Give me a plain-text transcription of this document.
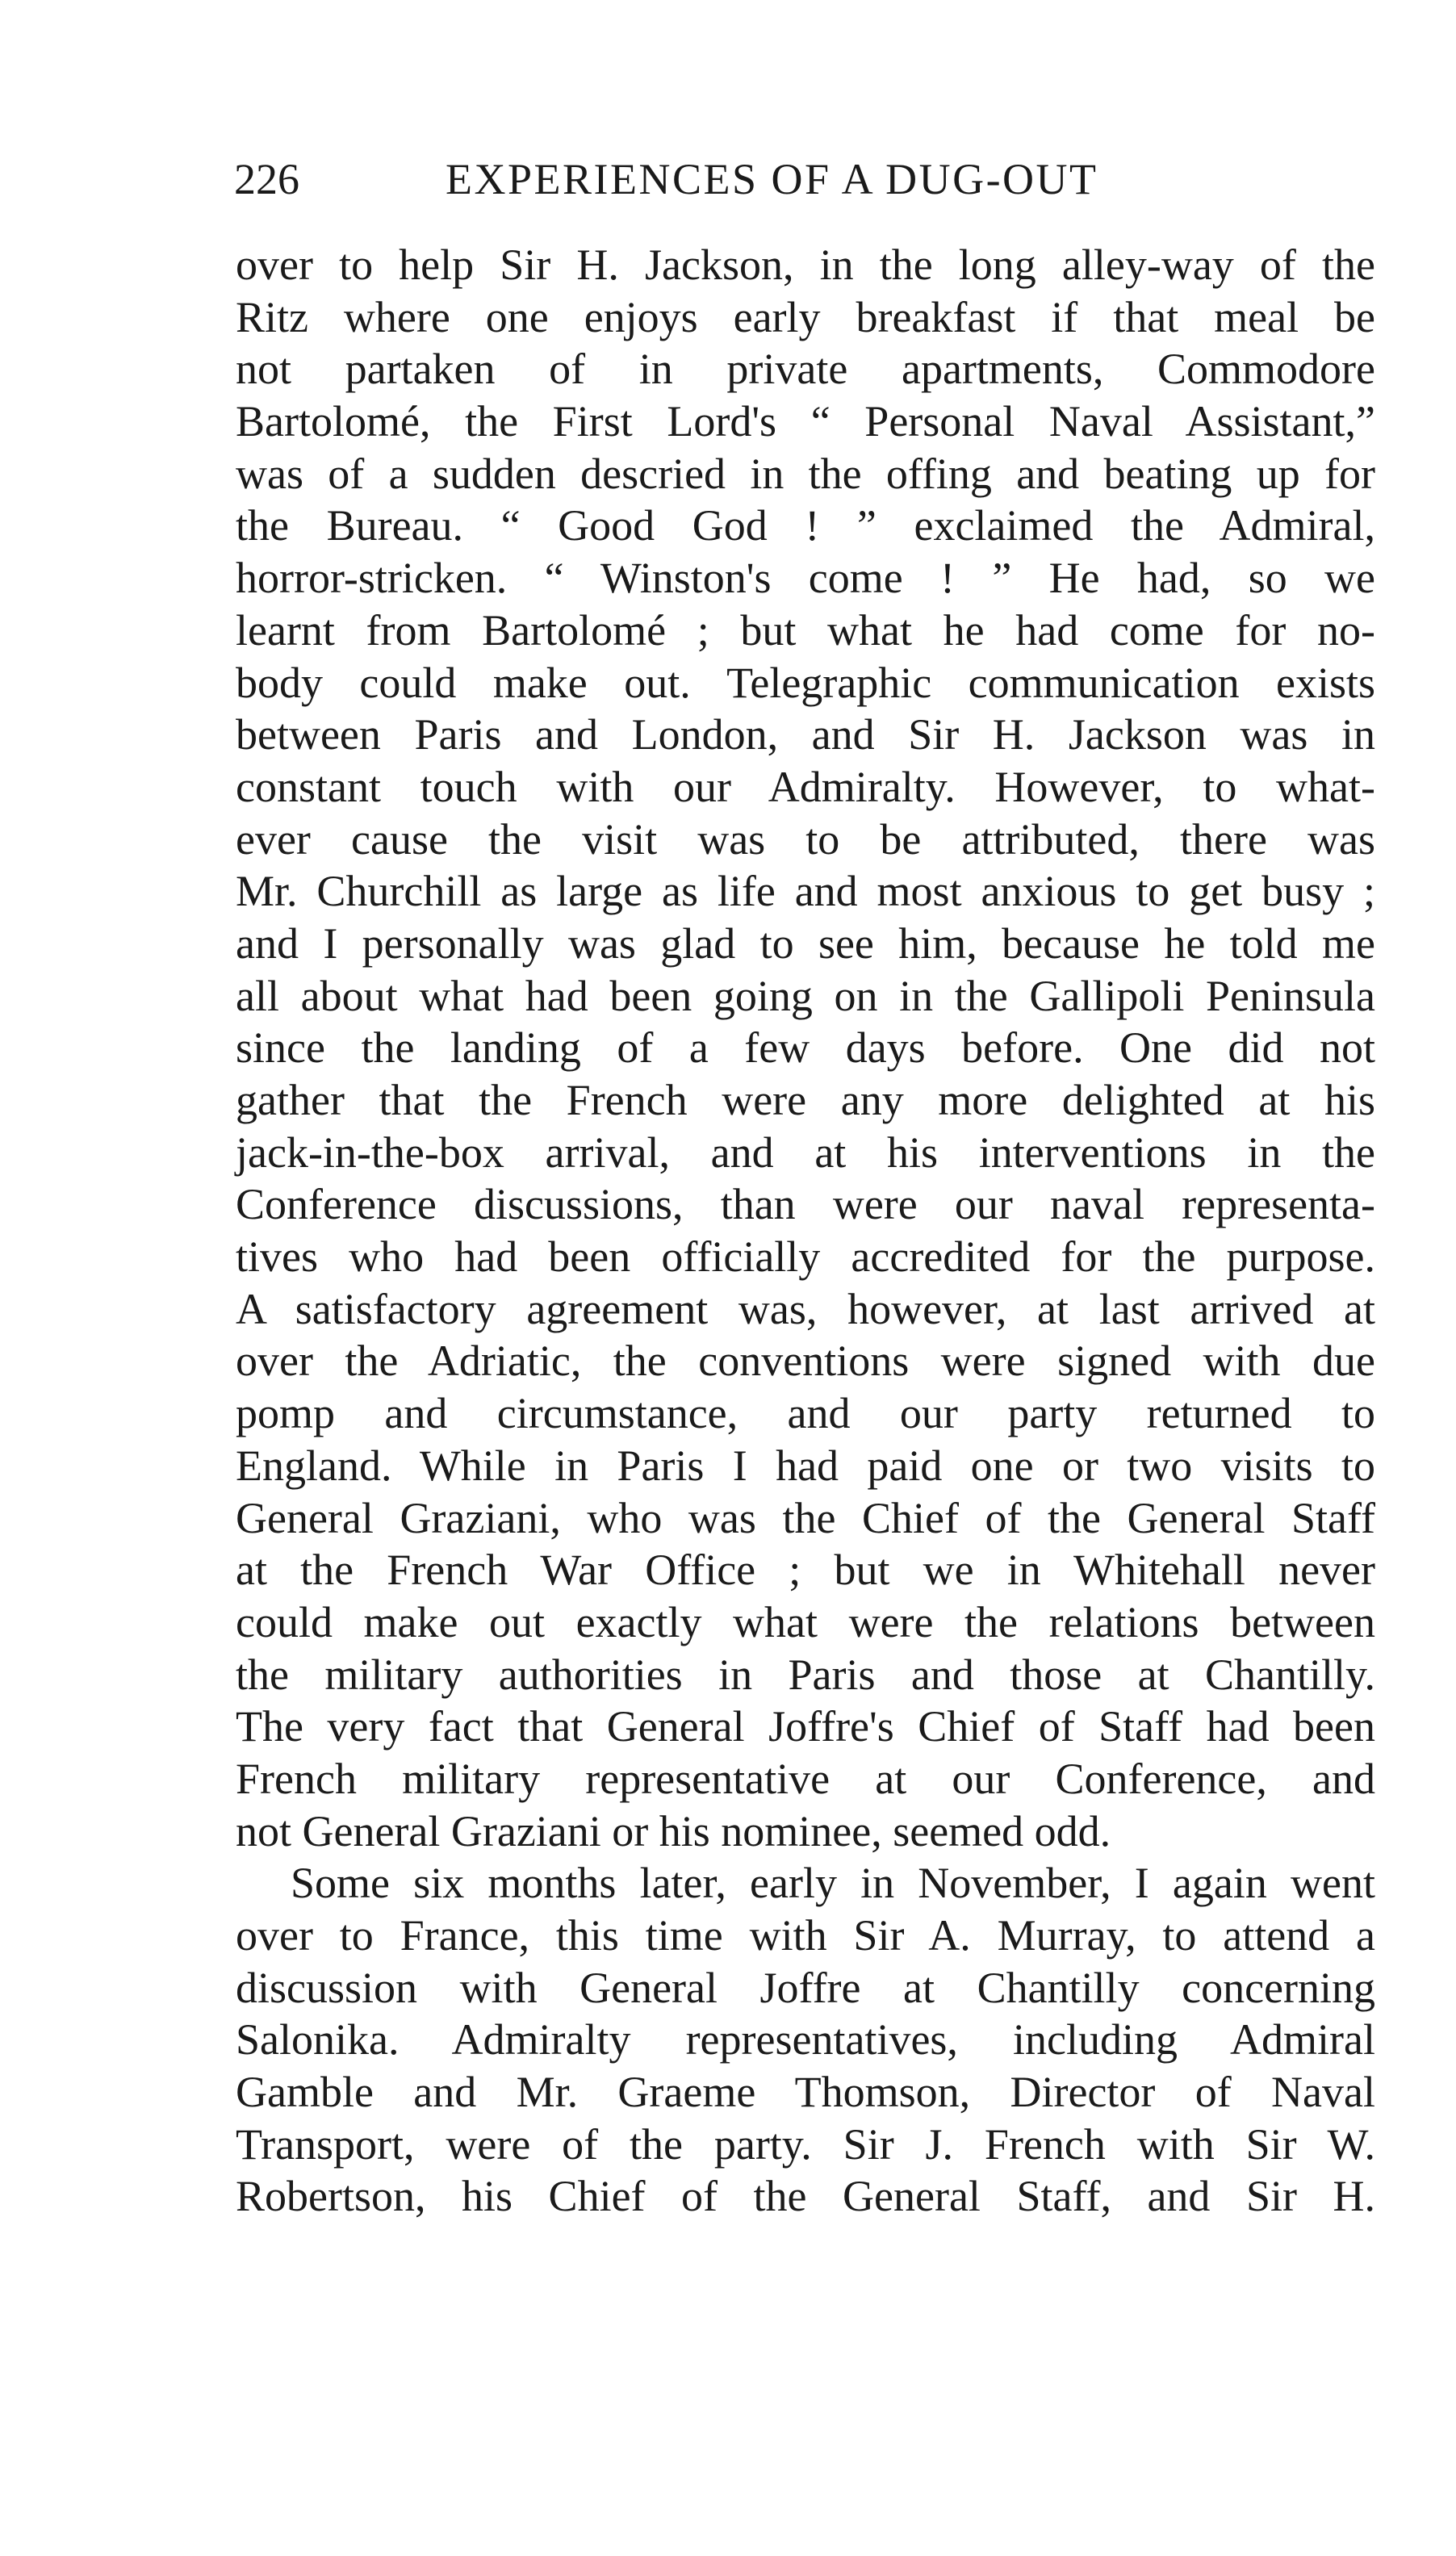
226	EXPERIENCES OF A DUG-OUT
over to help Sir H. Jackson, in the long alley-way of the
Ritz where one enjoys early breakfast if that meal be
not partaken of in private apartments, Commodore
Bartolomé, the First Lord's “ Personal Naval Assistant,”
was of a sudden descried in the offing and beating up for
the Bureau. “ Good God ! ” exclaimed the Admiral,
horror-stricken. “ Winston's come ! ” He had, so we
learnt from Bartolomé ; but what he had come for no-
body could make out. Telegraphic communication exists
between Paris and London, and Sir H. Jackson was in
constant touch with our Admiralty. However, to what-
ever cause the visit was to be attributed, there was
Mr. Churchill as large as life and most anxious to get busy ;
and I personally was glad to see him, because he told me
all about what had been going on in the Gallipoli Peninsula
since the landing of a few days before. One did not
gather that the French were any more delighted at his
jack-in-the-box arrival, and at his interventions in the
Conference discussions, than were our naval representa-
tives who had been officially accredited for the purpose.
A satisfactory agreement was, however, at last arrived at
over the Adriatic, the conventions were signed with due
pomp and circumstance, and our party returned to
England. While in Paris I had paid one or two visits to
General Graziani, who was the Chief of the General Staff
at the French War Office ; but we in Whitehall never
could make out exactly what were the relations between
the military authorities in Paris and those at Chantilly.
The very fact that General Joffre's Chief of Staff had been
French military representative at our Conference, and
not General Graziani or his nominee, seemed odd.
Some six months later, early in November, I again went
over to France, this time with Sir A. Murray, to attend a
discussion with General Joffre at Chantilly concerning
Salonika. Admiralty representatives, including Admiral
Gamble and Mr. Graeme Thomson, Director of Naval
Transport, were of the party. Sir J. French with Sir W.
Robertson, his Chief of the General Staff, and Sir H.
